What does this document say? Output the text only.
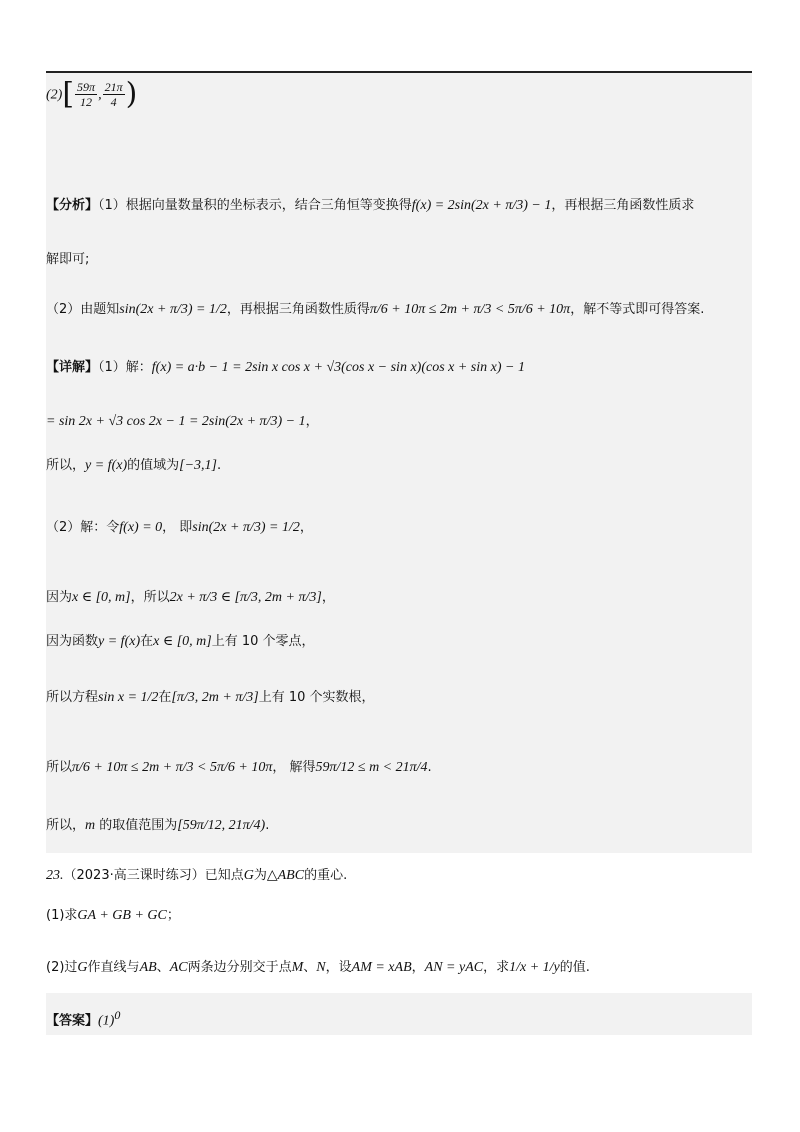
$(2)[ \frac{59\pi}{12}$ , $\frac{21\pi}{4}$ )
【分析】（1）根据向量数量积的坐标表示，结合三角恒等变换得f(x) = 2sin(2x + π/3) − 1，再根据三角函数性质求
解即可;
（2）由题知sin(2x + π/3) = 1/2，再根据三角函数性质得π/6 + 10π ≤ 2m + π/3 < 5π/6 + 10π，解不等式即可得答案.
【详解】（1）解：f(x) = a·b − 1 = 2sin x cos x + √3(cos x − sin x)(cos x + sin x) − 1
= sin 2x + √3 cos 2x − 1 = 2sin(2x + π/3) − 1，
所以，y = f(x)的值域为[−3,1].
（2）解：令f(x) = 0， 即sin(2x + π/3) = 1/2，
因为x ∈ [0, m]，所以2x + π/3 ∈ [π/3, 2m + π/3]，
因为函数y = f(x)在x ∈ [0, m]上有 10 个零点，
所以方程sin x = 1/2在[π/3, 2m + π/3]上有 10 个实数根，
所以π/6 + 10π ≤ 2m + π/3 < 5π/6 + 10π， 解得59π/12 ≤ m < 21π/4.
所以，m 的取值范围为[59π/12, 21π/4).
23.（2023·高三课时练习）已知点G为△ABC的重心.
(1)求GA + GB + GC；
(2)过G作直线与AB、AC两条边分别交于点M、N，设AM = xAB，AN = yAC，求1/x + 1/y的值.
【答案】(1)0
